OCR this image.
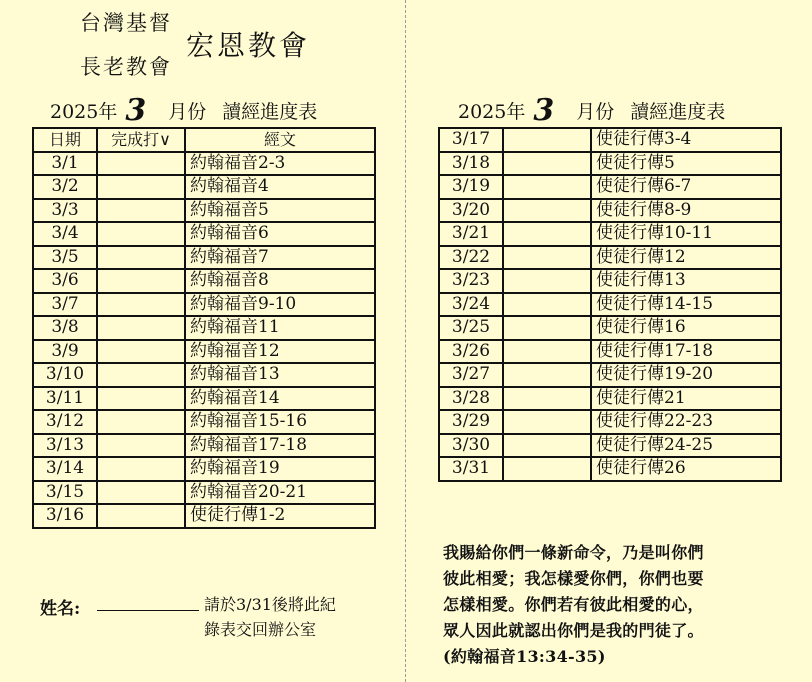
台灣基督
長老教會
宏恩教會
2025年 3 月份 讀經進度表	2025年 3 月份 讀經進度表
日期	完成打∨	經文
3/1		約翰福音2-3
3/2		約翰福音4
3/3		約翰福音5
3/4		約翰福音6
3/5		約翰福音7
3/6		約翰福音8
3/7		約翰福音9-10
3/8		約翰福音11
3/9		約翰福音12
3/10		約翰福音13
3/11		約翰福音14
3/12		約翰福音15-16
3/13		約翰福音17-18
3/14		約翰福音19
3/15		約翰福音20-21
3/16		使徒行傳1-2
3/17		使徒行傳3-4
3/18		使徒行傳5
3/19		使徒行傳6-7
3/20		使徒行傳8-9
3/21		使徒行傳10-11
3/22		使徒行傳12
3/23		使徒行傳13
3/24		使徒行傳14-15
3/25		使徒行傳16
3/26		使徒行傳17-18
3/27		使徒行傳19-20
3/28		使徒行傳21
3/29		使徒行傳22-23
3/30		使徒行傳24-25
3/31		使徒行傳26
姓名:	請於3/31後將此紀
錄表交回辦公室
我賜給你們一條新命令，乃是叫你們
彼此相愛；我怎樣愛你們，你們也要
怎樣相愛。你們若有彼此相愛的心，
眾人因此就認出你們是我的門徒了。
(約翰福音13:34-35)
